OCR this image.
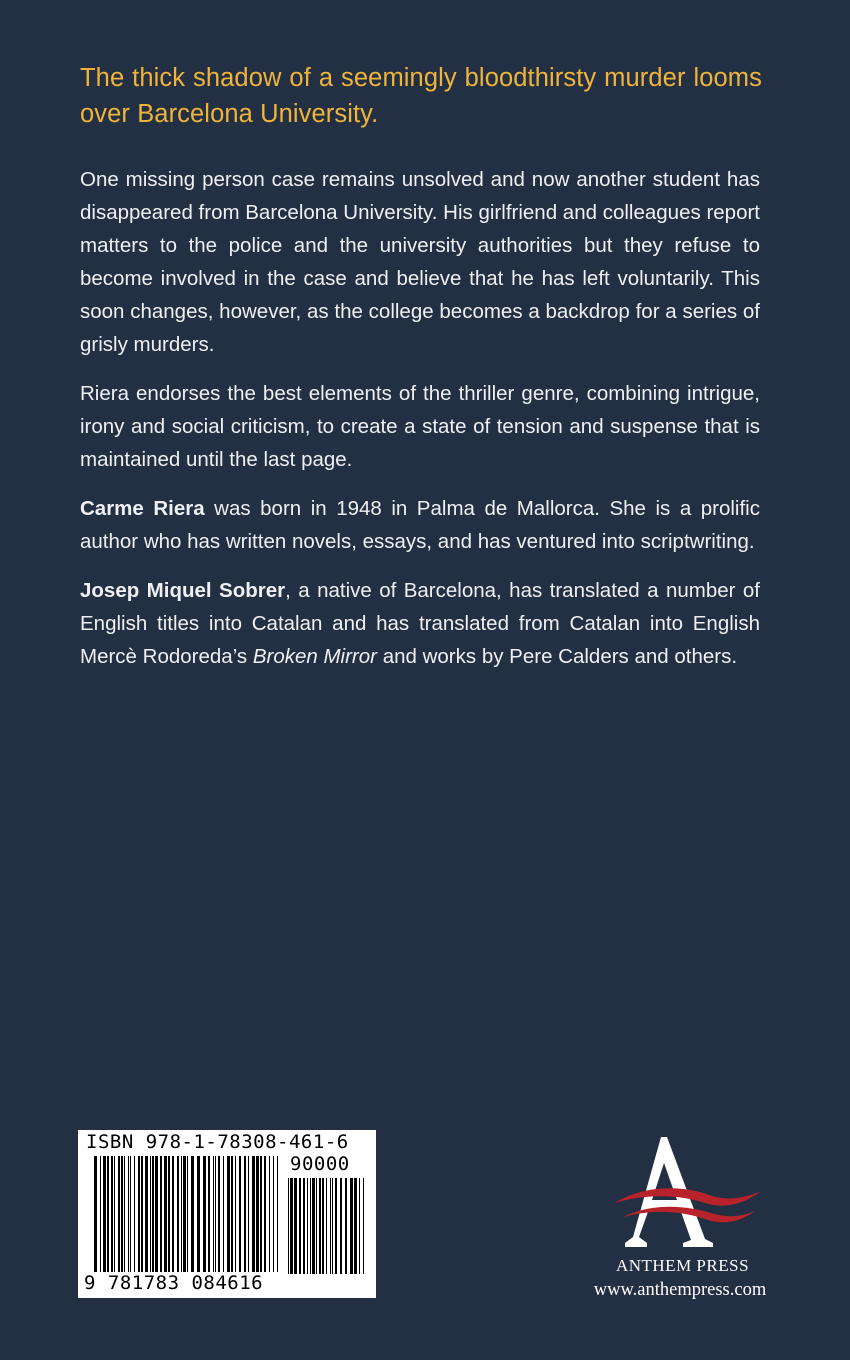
The thick shadow of a seemingly bloodthirsty murder looms over Barcelona University.

One missing person case remains unsolved and now another student has disappeared from Barcelona University. His girlfriend and colleagues report matters to the police and the university authorities but they refuse to become involved in the case and believe that he has left voluntarily. This soon changes, however, as the college becomes a backdrop for a series of grisly murders.

Riera endorses the best elements of the thriller genre, combining intrigue, irony and social criticism, to create a state of tension and suspense that is maintained until the last page.

Carme Riera was born in 1948 in Palma de Mallorca. She is a prolific author who has written novels, essays, and has ventured into scriptwriting.

Josep Miquel Sobrer, a native of Barcelona, has translated a number of English titles into Catalan and has translated from Catalan into English Mercè Rodoreda’s Broken Mirror and works by Pere Calders and others.

ISBN 978-1-78308-461-6
90000
9 781783 084616
ANTHEM PRESS
www.anthempress.com
